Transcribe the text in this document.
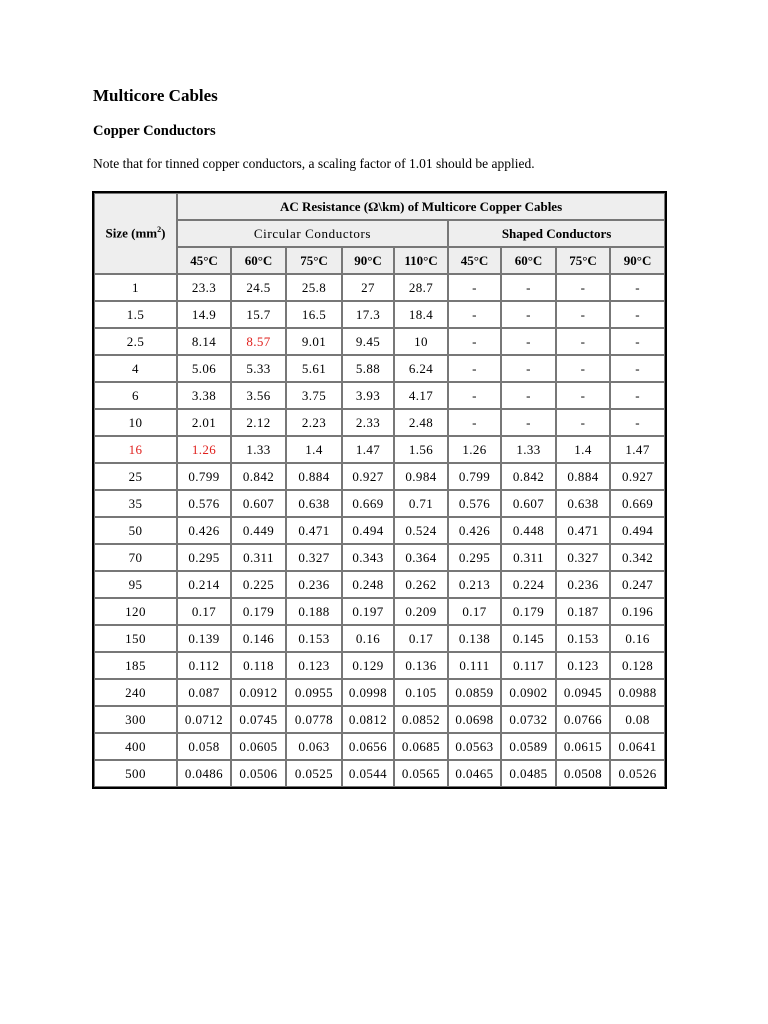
Multicore Cables
Copper Conductors
Note that for tinned copper conductors, a scaling factor of 1.01 should be applied.
Size $(mm^2)$	AC Resistance (Ω\km) of Multicore Copper Cables								
	Circular Conductors					Shaped Conductors			
	45°C	60°C	75°C	90°C	110°C	45°C	60°C	75°C	90°C
1	23.3	24.5	25.8	27	28.7	-	-	-	-
1.5	14.9	15.7	16.5	17.3	18.4	-	-	-	-
2.5	8.14	8.57	9.01	9.45	10	-	-	-	-
4	5.06	5.33	5.61	5.88	6.24	-	-	-	-
6	3.38	3.56	3.75	3.93	4.17	-	-	-	-
10	2.01	2.12	2.23	2.33	2.48	-	-	-	-
16	1.26	1.33	1.4	1.47	1.56	1.26	1.33	1.4	1.47
25	0.799	0.842	0.884	0.927	0.984	0.799	0.842	0.884	0.927
35	0.576	0.607	0.638	0.669	0.71	0.576	0.607	0.638	0.669
50	0.426	0.449	0.471	0.494	0.524	0.426	0.448	0.471	0.494
70	0.295	0.311	0.327	0.343	0.364	0.295	0.311	0.327	0.342
95	0.214	0.225	0.236	0.248	0.262	0.213	0.224	0.236	0.247
120	0.17	0.179	0.188	0.197	0.209	0.17	0.179	0.187	0.196
150	0.139	0.146	0.153	0.16	0.17	0.138	0.145	0.153	0.16
185	0.112	0.118	0.123	0.129	0.136	0.111	0.117	0.123	0.128
240	0.087	0.0912	0.0955	0.0998	0.105	0.0859	0.0902	0.0945	0.0988
300	0.0712	0.0745	0.0778	0.0812	0.0852	0.0698	0.0732	0.0766	0.08
400	0.058	0.0605	0.063	0.0656	0.0685	0.0563	0.0589	0.0615	0.0641
500	0.0486	0.0506	0.0525	0.0544	0.0565	0.0465	0.0485	0.0508	0.0526
